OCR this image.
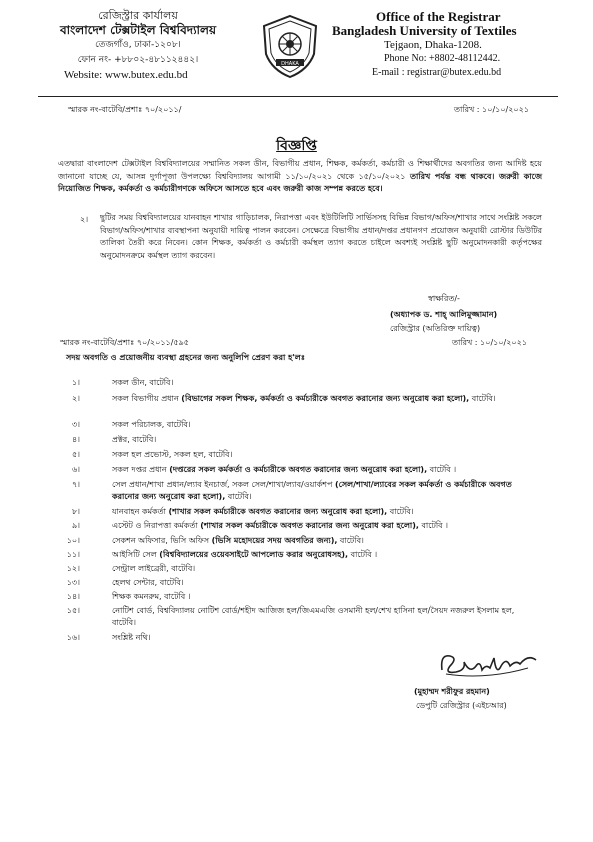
রেজিস্ট্রার কার্যালয়
বাংলাদেশ টেক্সটাইল বিশ্ববিদ্যালয়
তেজগাঁও, ঢাকা-১২০৮।
ফোন নং- +৮৮০২-৪৮১১২৪৪২।
Website: www.butex.edu.bd
DHAKA
Office of the Registrar
Bangladesh University of Textiles
Tejgaon, Dhaka-1208.
Phone No: +8802-48112442.
E-mail : registrar@butex.edu.bd
স্মারক নং-বাটেবি/প্রশাঃ ৭০/২০১১/	তারিখ : ১০/১০/২০২১
বিজ্ঞপ্তি
এতদ্বারা বাংলাদেশ টেক্সটাইল বিশ্ববিদ্যালয়ের সম্মানিত সকল ডীন, বিভাগীয় প্রধান, শিক্ষক, কর্মকর্তা, কর্মচারী ও শিক্ষার্থীদের অবগতির জন্য আদিষ্ট হয়ে জানানো যাচ্ছে যে, আসন্ন দুর্গাপূজা উপলক্ষ্যে বিশ্ববিদ্যালয় আগামী ১১/১০/২০২১ থেকে ১৫/১০/২০২১ তারিখ পর্যন্ত বন্ধ থাকবে। জরুরী কাজে নিয়োজিত শিক্ষক, কর্মকর্তা ও কর্মচারীগণকে অফিসে আসতে হবে এবং জরুরী কাজ সম্পন্ন করতে হবে।
২। ছুটির সময় বিশ্ববিদ্যালয়ের যানবাহন শাখার গাড়িচালক, নিরাপত্তা এবং ইউটিলিটি সার্ভিসসহ বিভিন্ন বিভাগ/অফিস/শাখার সাথে সংশ্লিষ্ট সকলে বিভাগ/অফিস/শাখার ব্যবস্থাপনা অনুযায়ী দায়িত্ব পালন করবেন। সেক্ষেত্রে বিভাগীয় প্রধান/দপ্তর প্রধানগণ প্রয়োজন অনুযায়ী রোস্টার ডিউটির তালিকা তৈরী করে নিবেন। কোন শিক্ষক, কর্মকর্তা ও কর্মচারী কর্মস্থল ত্যাগ করতে চাইলে অবশ্যই সংশ্লিষ্ট ছুটি অনুমোদনকারী কর্তৃপক্ষের অনুমোদনক্রমে কর্মস্থল ত্যাগ করবেন।
স্বাক্ষরিত/-
(অধ্যাপক ড. শাহ্ আলিমুজ্জামান)
রেজিস্ট্রার (অতিরিক্ত দায়িত্ব)
স্মারক নং-বাটেবি/প্রশাঃ ৭০/২০১১/৫৯৫	তারিখ : ১০/১০/২০২১
সদয় অবগতি ও প্রয়োজনীয় ব্যবস্থা গ্রহনের জন্য অনুলিপি প্রেরণ করা হ'লঃ
১।	সকল ডীন, বাটেবি।
২।	সকল বিভাগীয় প্রধান (বিভাগের সকল শিক্ষক, কর্মকর্তা ও কর্মচারীকে অবগত করানোর জন্য অনুরোধ করা হলো), বাটেবি।
৩।	সকল পরিচালক, বাটেবি।
৪।	প্রক্টর, বাটেবি।
৫।	সকল হল প্রভোস্ট, সকল হল, বাটেবি।
৬।	সকল দপ্তর প্রধান (দপ্তরের সকল কর্মকর্তা ও কর্মচারীকে অবগত করানোর জন্য অনুরোধ করা হলো), বাটেবি ।
৭।	সেল প্রধান/শাখা প্রধান/ল্যাব ইনচার্জ, সকল সেল/শাখা/ল্যাব/ওয়ার্কশপ (সেল/শাখা/ল্যাবের সকল কর্মকর্তা ও কর্মচারীকে অবগত করানোর জন্য অনুরোধ করা হলো), বাটেবি।
৮।	যানবাহন কর্মকর্তা (শাখার সকল কর্মচারীকে অবগত করানোর জন্য অনুরোধ করা হলো), বাটেবি।
৯।	এস্টেট ও নিরাপত্তা কর্মকর্তা (শাখার সকল কর্মচারীকে অবগত করানোর জন্য অনুরোধ করা হলো), বাটেবি ।
১০।	সেকশন অফিসার, ভিসি অফিস (ভিসি মহোদয়ের সদয় অবগতির জন্য), বাটেবি।
১১।	আইসিটি সেল (বিশ্ববিদ্যালয়ের ওয়েবসাইটে আপলোড করার অনুরোধসহ), বাটেবি ।
১২।	সেন্ট্রাল লাইব্রেরী, বাটেবি।
১৩।	হেলথ সেন্টার, বাটেবি।
১৪।	শিক্ষক কমনরুম, বাটেবি ।
১৫।	নোটিশ বোর্ড, বিশ্ববিদ্যালয় নোটিশ বোর্ড/শহীদ আজিজ হল/জিএমএজি ওসমানী হল/শেখ হাসিনা হল/সৈয়দ নজরুল ইসলাম হল, বাটেবি।
১৬।	সংশ্লিষ্ট নথি।
(মুহাম্মদ শরীফুর রহমান)
ডেপুটি রেজিস্ট্রার (এইচআর)
